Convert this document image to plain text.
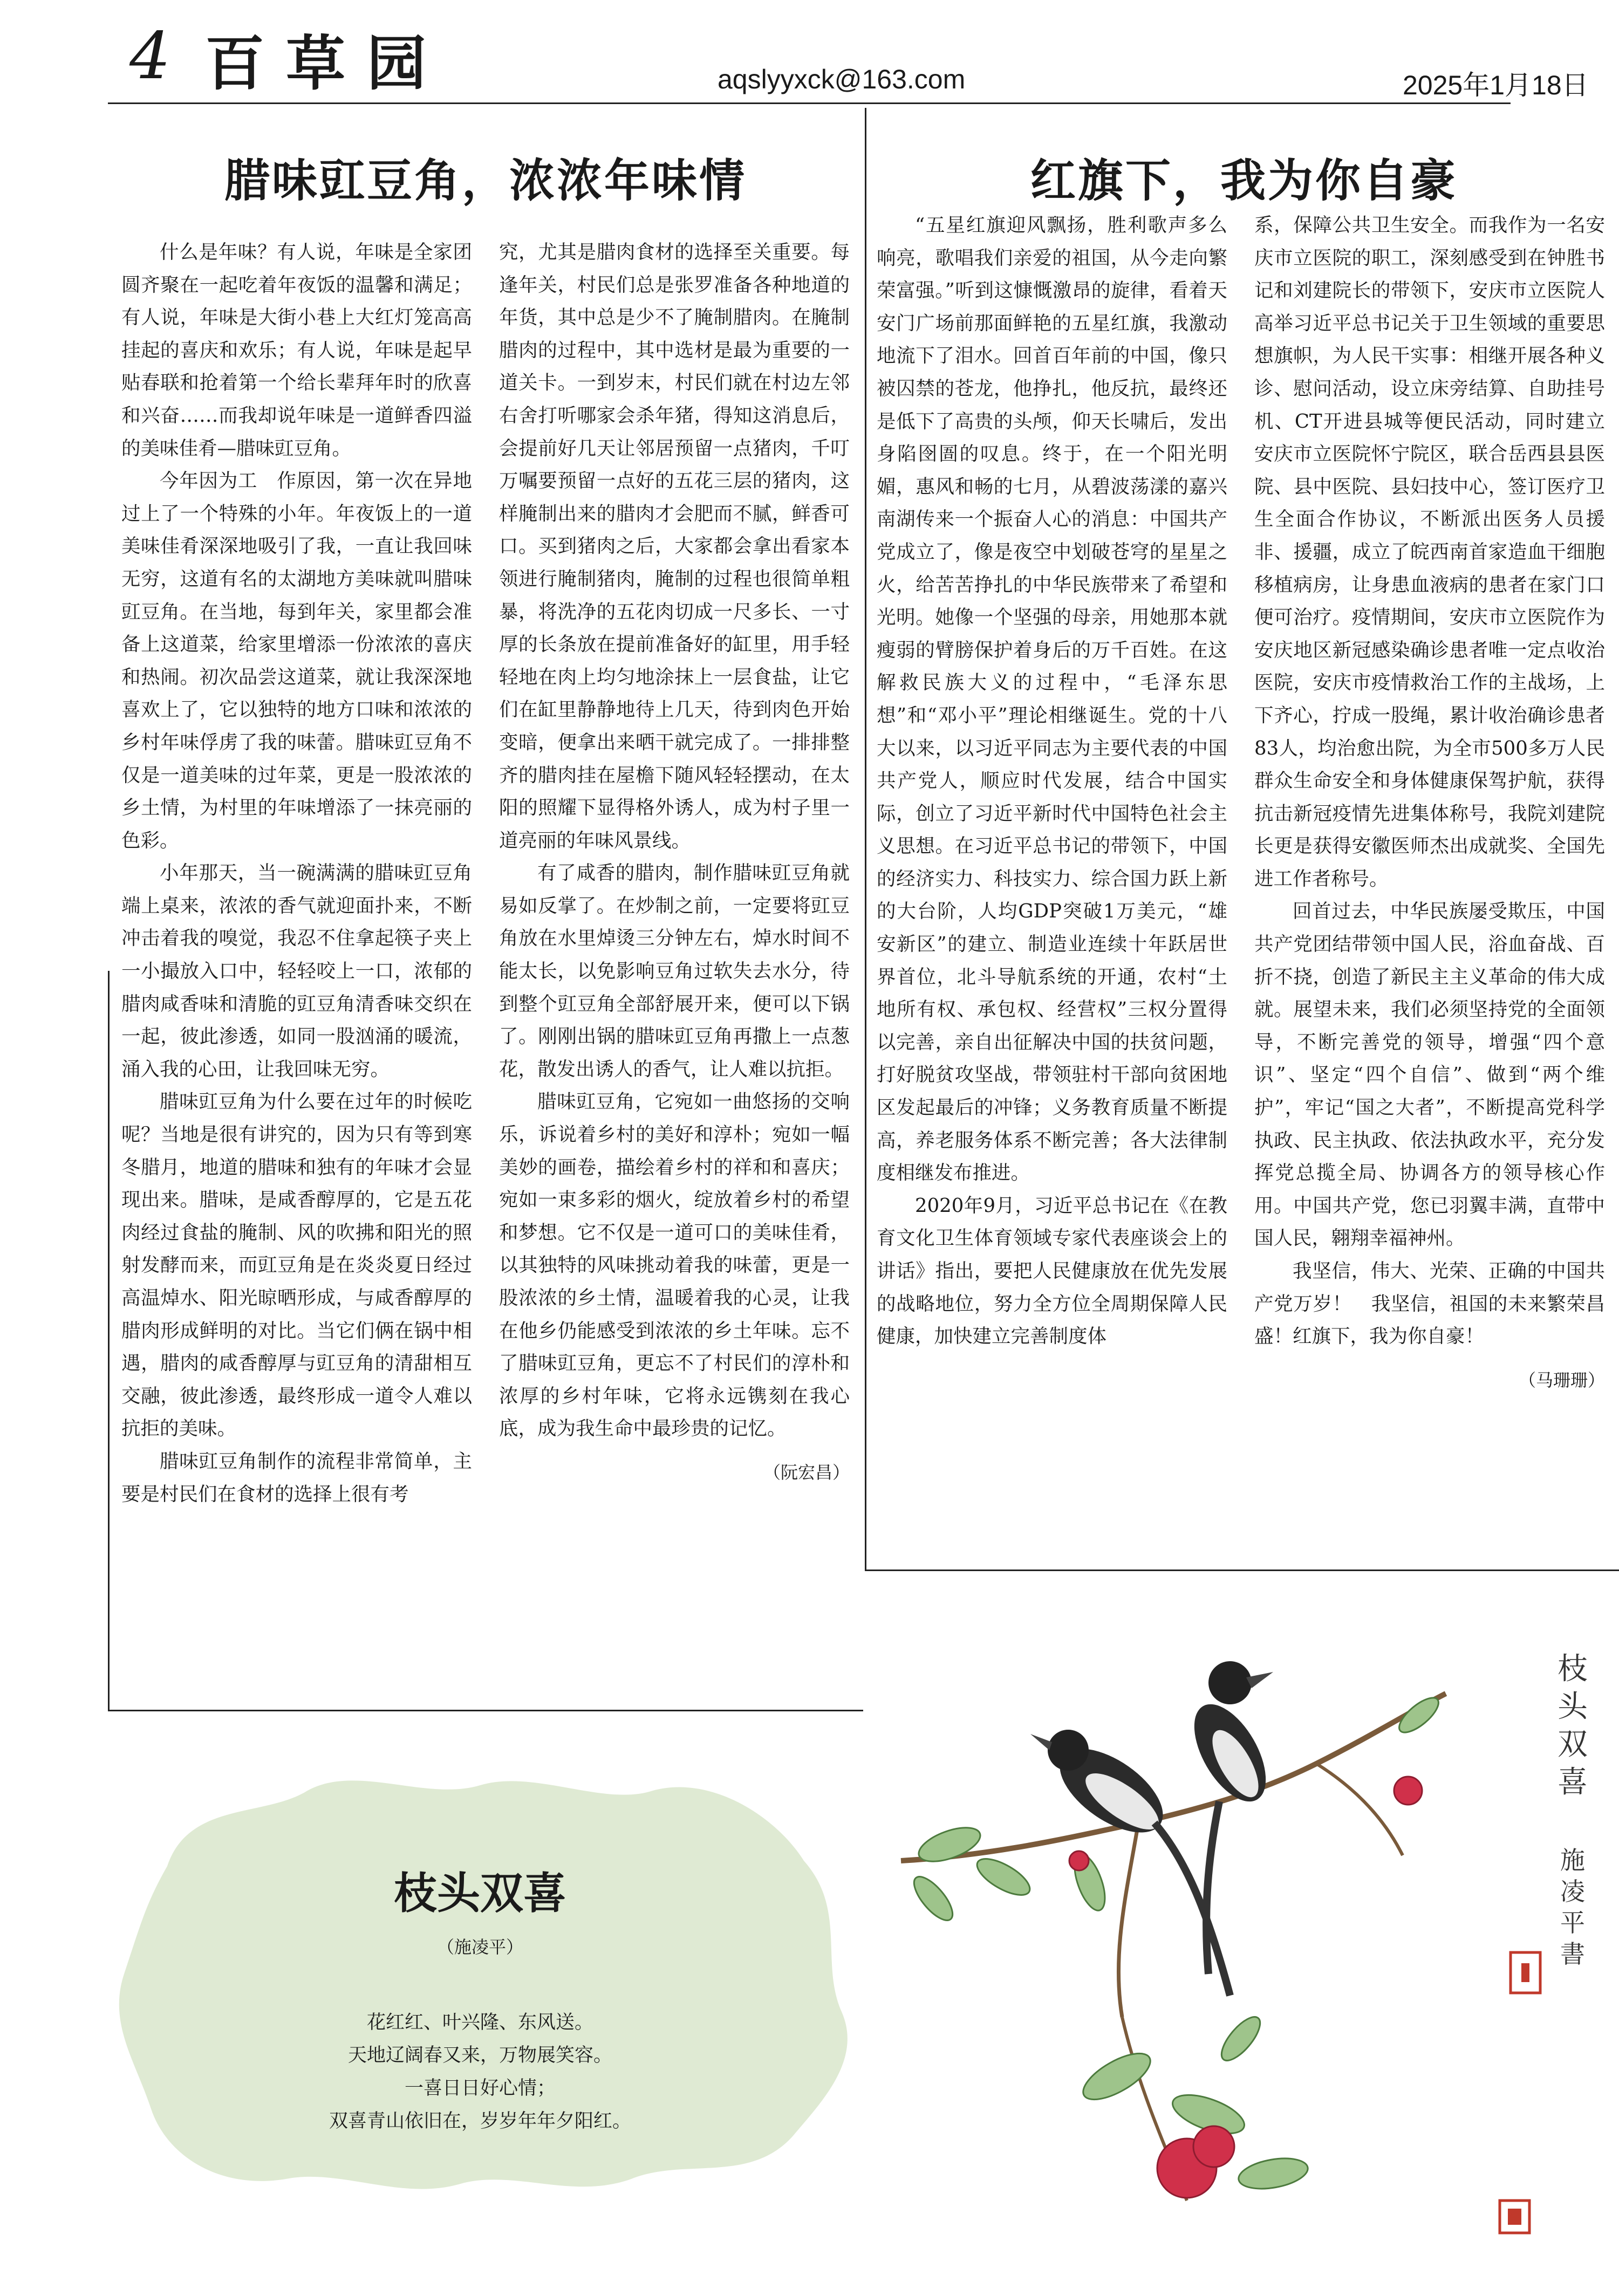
4 百草园	aqslyyxck@163.com	2025年1月18日
腊味豇豆角，浓浓年味情

什么是年味？有人说，年味是全家团圆齐聚在一起吃着年夜饭的温馨和满足；有人说，年味是大街小巷上大红灯笼高高挂起的喜庆和欢乐；有人说，年味是起早贴春联和抢着第一个给长辈拜年时的欣喜和兴奋……而我却说年味是一道鲜香四溢的美味佳肴—腊味豇豆角。

今年因为工　作原因，第一次在异地过上了一个特殊的小年。年夜饭上的一道美味佳肴深深地吸引了我，一直让我回味无穷，这道有名的太湖地方美味就叫腊味豇豆角。在当地，每到年关，家里都会准备上这道菜，给家里增添一份浓浓的喜庆和热闹。初次品尝这道菜，就让我深深地喜欢上了，它以独特的地方口味和浓浓的乡村年味俘虏了我的味蕾。腊味豇豆角不仅是一道美味的过年菜，更是一股浓浓的乡土情，为村里的年味增添了一抹亮丽的色彩。

小年那天，当一碗满满的腊味豇豆角端上桌来，浓浓的香气就迎面扑来，不断冲击着我的嗅觉，我忍不住拿起筷子夹上一小撮放入口中，轻轻咬上一口，浓郁的腊肉咸香味和清脆的豇豆角清香味交织在一起，彼此渗透，如同一股汹涌的暖流，涌入我的心田，让我回味无穷。

腊味豇豆角为什么要在过年的时候吃呢？当地是很有讲究的，因为只有等到寒冬腊月，地道的腊味和独有的年味才会显现出来。腊味，是咸香醇厚的，它是五花肉经过食盐的腌制、风的吹拂和阳光的照射发酵而来，而豇豆角是在炎炎夏日经过高温焯水、阳光晾晒形成，与咸香醇厚的腊肉形成鲜明的对比。当它们俩在锅中相遇，腊肉的咸香醇厚与豇豆角的清甜相互交融，彼此渗透，最终形成一道令人难以抗拒的美味。

腊味豇豆角制作的流程非常简单，主要是村民们在食材的选择上很有考

究，尤其是腊肉食材的选择至关重要。每逢年关，村民们总是张罗准备各种地道的年货，其中总是少不了腌制腊肉。在腌制腊肉的过程中，其中选材是最为重要的一道关卡。一到岁末，村民们就在村边左邻右舍打听哪家会杀年猪，得知这消息后，会提前好几天让邻居预留一点猪肉，千叮万嘱要预留一点好的五花三层的猪肉，这样腌制出来的腊肉才会肥而不腻，鲜香可口。买到猪肉之后，大家都会拿出看家本领进行腌制猪肉，腌制的过程也很简单粗暴，将洗净的五花肉切成一尺多长、一寸厚的长条放在提前准备好的缸里，用手轻轻地在肉上均匀地涂抹上一层食盐，让它们在缸里静静地待上几天，待到肉色开始变暗，便拿出来晒干就完成了。一排排整齐的腊肉挂在屋檐下随风轻轻摆动，在太阳的照耀下显得格外诱人，成为村子里一道亮丽的年味风景线。

有了咸香的腊肉，制作腊味豇豆角就易如反掌了。在炒制之前，一定要将豇豆角放在水里焯烫三分钟左右，焯水时间不能太长，以免影响豆角过软失去水分，待到整个豇豆角全部舒展开来，便可以下锅了。刚刚出锅的腊味豇豆角再撒上一点葱花，散发出诱人的香气，让人难以抗拒。

腊味豇豆角，它宛如一曲悠扬的交响乐，诉说着乡村的美好和淳朴；宛如一幅美妙的画卷，描绘着乡村的祥和和喜庆；宛如一束多彩的烟火，绽放着乡村的希望和梦想。它不仅是一道可口的美味佳肴，以其独特的风味挑动着我的味蕾，更是一股浓浓的乡土情，温暖着我的心灵，让我在他乡仍能感受到浓浓的乡土年味。忘不了腊味豇豆角，更忘不了村民们的淳朴和浓厚的乡村年味，它将永远镌刻在我心底，成为我生命中最珍贵的记忆。

（阮宏昌）
红旗下，我为你自豪

“五星红旗迎风飘扬，胜利歌声多么响亮，歌唱我们亲爱的祖国，从今走向繁荣富强。”听到这慷慨激昂的旋律，看着天安门广场前那面鲜艳的五星红旗，我激动地流下了泪水。回首百年前的中国，像只被囚禁的苍龙，他挣扎，他反抗，最终还是低下了高贵的头颅，仰天长啸后，发出身陷囹圄的叹息。终于，在一个阳光明媚，惠风和畅的七月，从碧波荡漾的嘉兴南湖传来一个振奋人心的消息：中国共产党成立了，像是夜空中划破苍穹的星星之火，给苦苦挣扎的中华民族带来了希望和光明。她像一个坚强的母亲，用她那本就瘦弱的臂膀保护着身后的万千百姓。在这解救民族大义的过程中，“毛泽东思想”和“邓小平”理论相继诞生。党的十八大以来，以习近平同志为主要代表的中国共产党人，顺应时代发展，结合中国实际，创立了习近平新时代中国特色社会主义思想。在习近平总书记的带领下，中国的经济实力、科技实力、综合国力跃上新的大台阶，人均GDP突破1万美元，“雄安新区”的建立、制造业连续十年跃居世界首位，北斗导航系统的开通，农村“土地所有权、承包权、经营权”三权分置得以完善，亲自出征解决中国的扶贫问题，打好脱贫攻坚战，带领驻村干部向贫困地区发起最后的冲锋；义务教育质量不断提高，养老服务体系不断完善；各大法律制度相继发布推进。

2020年9月，习近平总书记在《在教育文化卫生体育领域专家代表座谈会上的讲话》指出，要把人民健康放在优先发展的战略地位，努力全方位全周期保障人民健康，加快建立完善制度体

系，保障公共卫生安全。而我作为一名安庆市立医院的职工，深刻感受到在钟胜书记和刘建院长的带领下，安庆市立医院人高举习近平总书记关于卫生领域的重要思想旗帜，为人民干实事：相继开展各种义诊、慰问活动，设立床旁结算、自助挂号机、CT开进县城等便民活动，同时建立安庆市立医院怀宁院区，联合岳西县县医院、县中医院、县妇技中心，签订医疗卫生全面合作协议，不断派出医务人员援非、援疆，成立了皖西南首家造血干细胞移植病房，让身患血液病的患者在家门口便可治疗。疫情期间，安庆市立医院作为安庆地区新冠感染确诊患者唯一定点收治医院，安庆市疫情救治工作的主战场，上下齐心，拧成一股绳，累计收治确诊患者83人，均治愈出院，为全市500多万人民群众生命安全和身体健康保驾护航，获得抗击新冠疫情先进集体称号，我院刘建院长更是获得安徽医师杰出成就奖、全国先进工作者称号。

回首过去，中华民族屡受欺压，中国共产党团结带领中国人民，浴血奋战、百折不挠，创造了新民主主义革命的伟大成就。展望未来，我们必须坚持党的全面领导，不断完善党的领导，增强“四个意识”、坚定“四个自信”、做到“两个维护”，牢记“国之大者”，不断提高党科学执政、民主执政、依法执政水平，充分发挥党总揽全局、协调各方的领导核心作用。中国共产党，您已羽翼丰满，直带中国人民，翱翔幸福神州。

我坚信，伟大、光荣、正确的中国共产党万岁！　我坚信，祖国的未来繁荣昌盛！红旗下，我为你自豪！

（马珊珊）
枝头双喜
（施凌平）
花红红、叶兴隆、东风送。
天地辽阔春又来，万物展笑容。
一喜日日好心情；
双喜青山依旧在，岁岁年年夕阳红。
枝头双喜
施凌平　書
